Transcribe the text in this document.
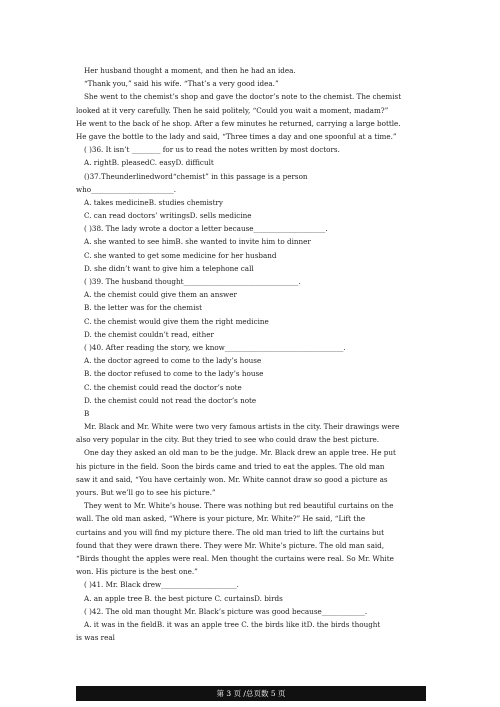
Her husband thought a moment, and then he had an idea.
“Thank you,” said his wife. “That’s a very good idea.”
She went to the chemist’s shop and gave the doctor’s note to the chemist. The chemist
looked at it very carefully. Then he said politely, “Could you wait a moment, madam?”
He went to the back of he shop. After a few minutes he returned, carrying a large bottle.
He gave the bottle to the lady and said, “Three times a day and one spoonful at a time.”
( )36. It isn’t ________ for us to read the notes written by most doctors.
A. rightB. pleasedC. easyD. difficult
()37.Theunderlinedword“chemist” in this passage is a person
who_______________________.
A. takes medicineB. studies chemistry
C. can read doctors’ writingsD. sells medicine
( )38. The lady wrote a doctor a letter because____________________.
A. she wanted to see himB. she wanted to invite him to dinner
C. she wanted to get some medicine for her husband
D. she didn’t want to give him a telephone call
( )39. The husband thought________________________________.
A. the chemist could give them an answer
B. the letter was for the chemist
C. the chemist would give them the right medicine
D. the chemist couldn’t read, either
( )40. After reading the story, we know_________________________________.
A. the doctor agreed to come to the lady’s house
B. the doctor refused to come to the lady’s house
C. the chemist could read the doctor’s note
D. the chemist could not read the doctor’s note
B
Mr. Black and Mr. White were two very famous artists in the city. Their drawings were
also very popular in the city. But they tried to see who could draw the best picture.
One day they asked an old man to be the judge. Mr. Black drew an apple tree. He put
his picture in the field. Soon the birds came and tried to eat the apples. The old man
saw it and said, “You have certainly won. Mr. White cannot draw so good a picture as
yours. But we’ll go to see his picture.”
They went to Mr. White’s house. There was nothing but red beautiful curtains on the
wall. The old man asked, “Where is your picture, Mr. White?” He said, “Lift the
curtains and you will find my picture there. The old man tried to lift the curtains but
found that they were drawn there. They were Mr. White’s picture. The old man said,
“Birds thought the apples were real. Men thought the curtains were real. So Mr. White
won. His picture is the best one.”
( )41. Mr. Black drew_____________________.
A. an apple tree B. the best picture C. curtainsD. birds
( )42. The old man thought Mr. Black’s picture was good because____________.
A. it was in the fieldB. it was an apple tree C. the birds like itD. the birds thought
is was real
第 3 页 /总页数 5 页
